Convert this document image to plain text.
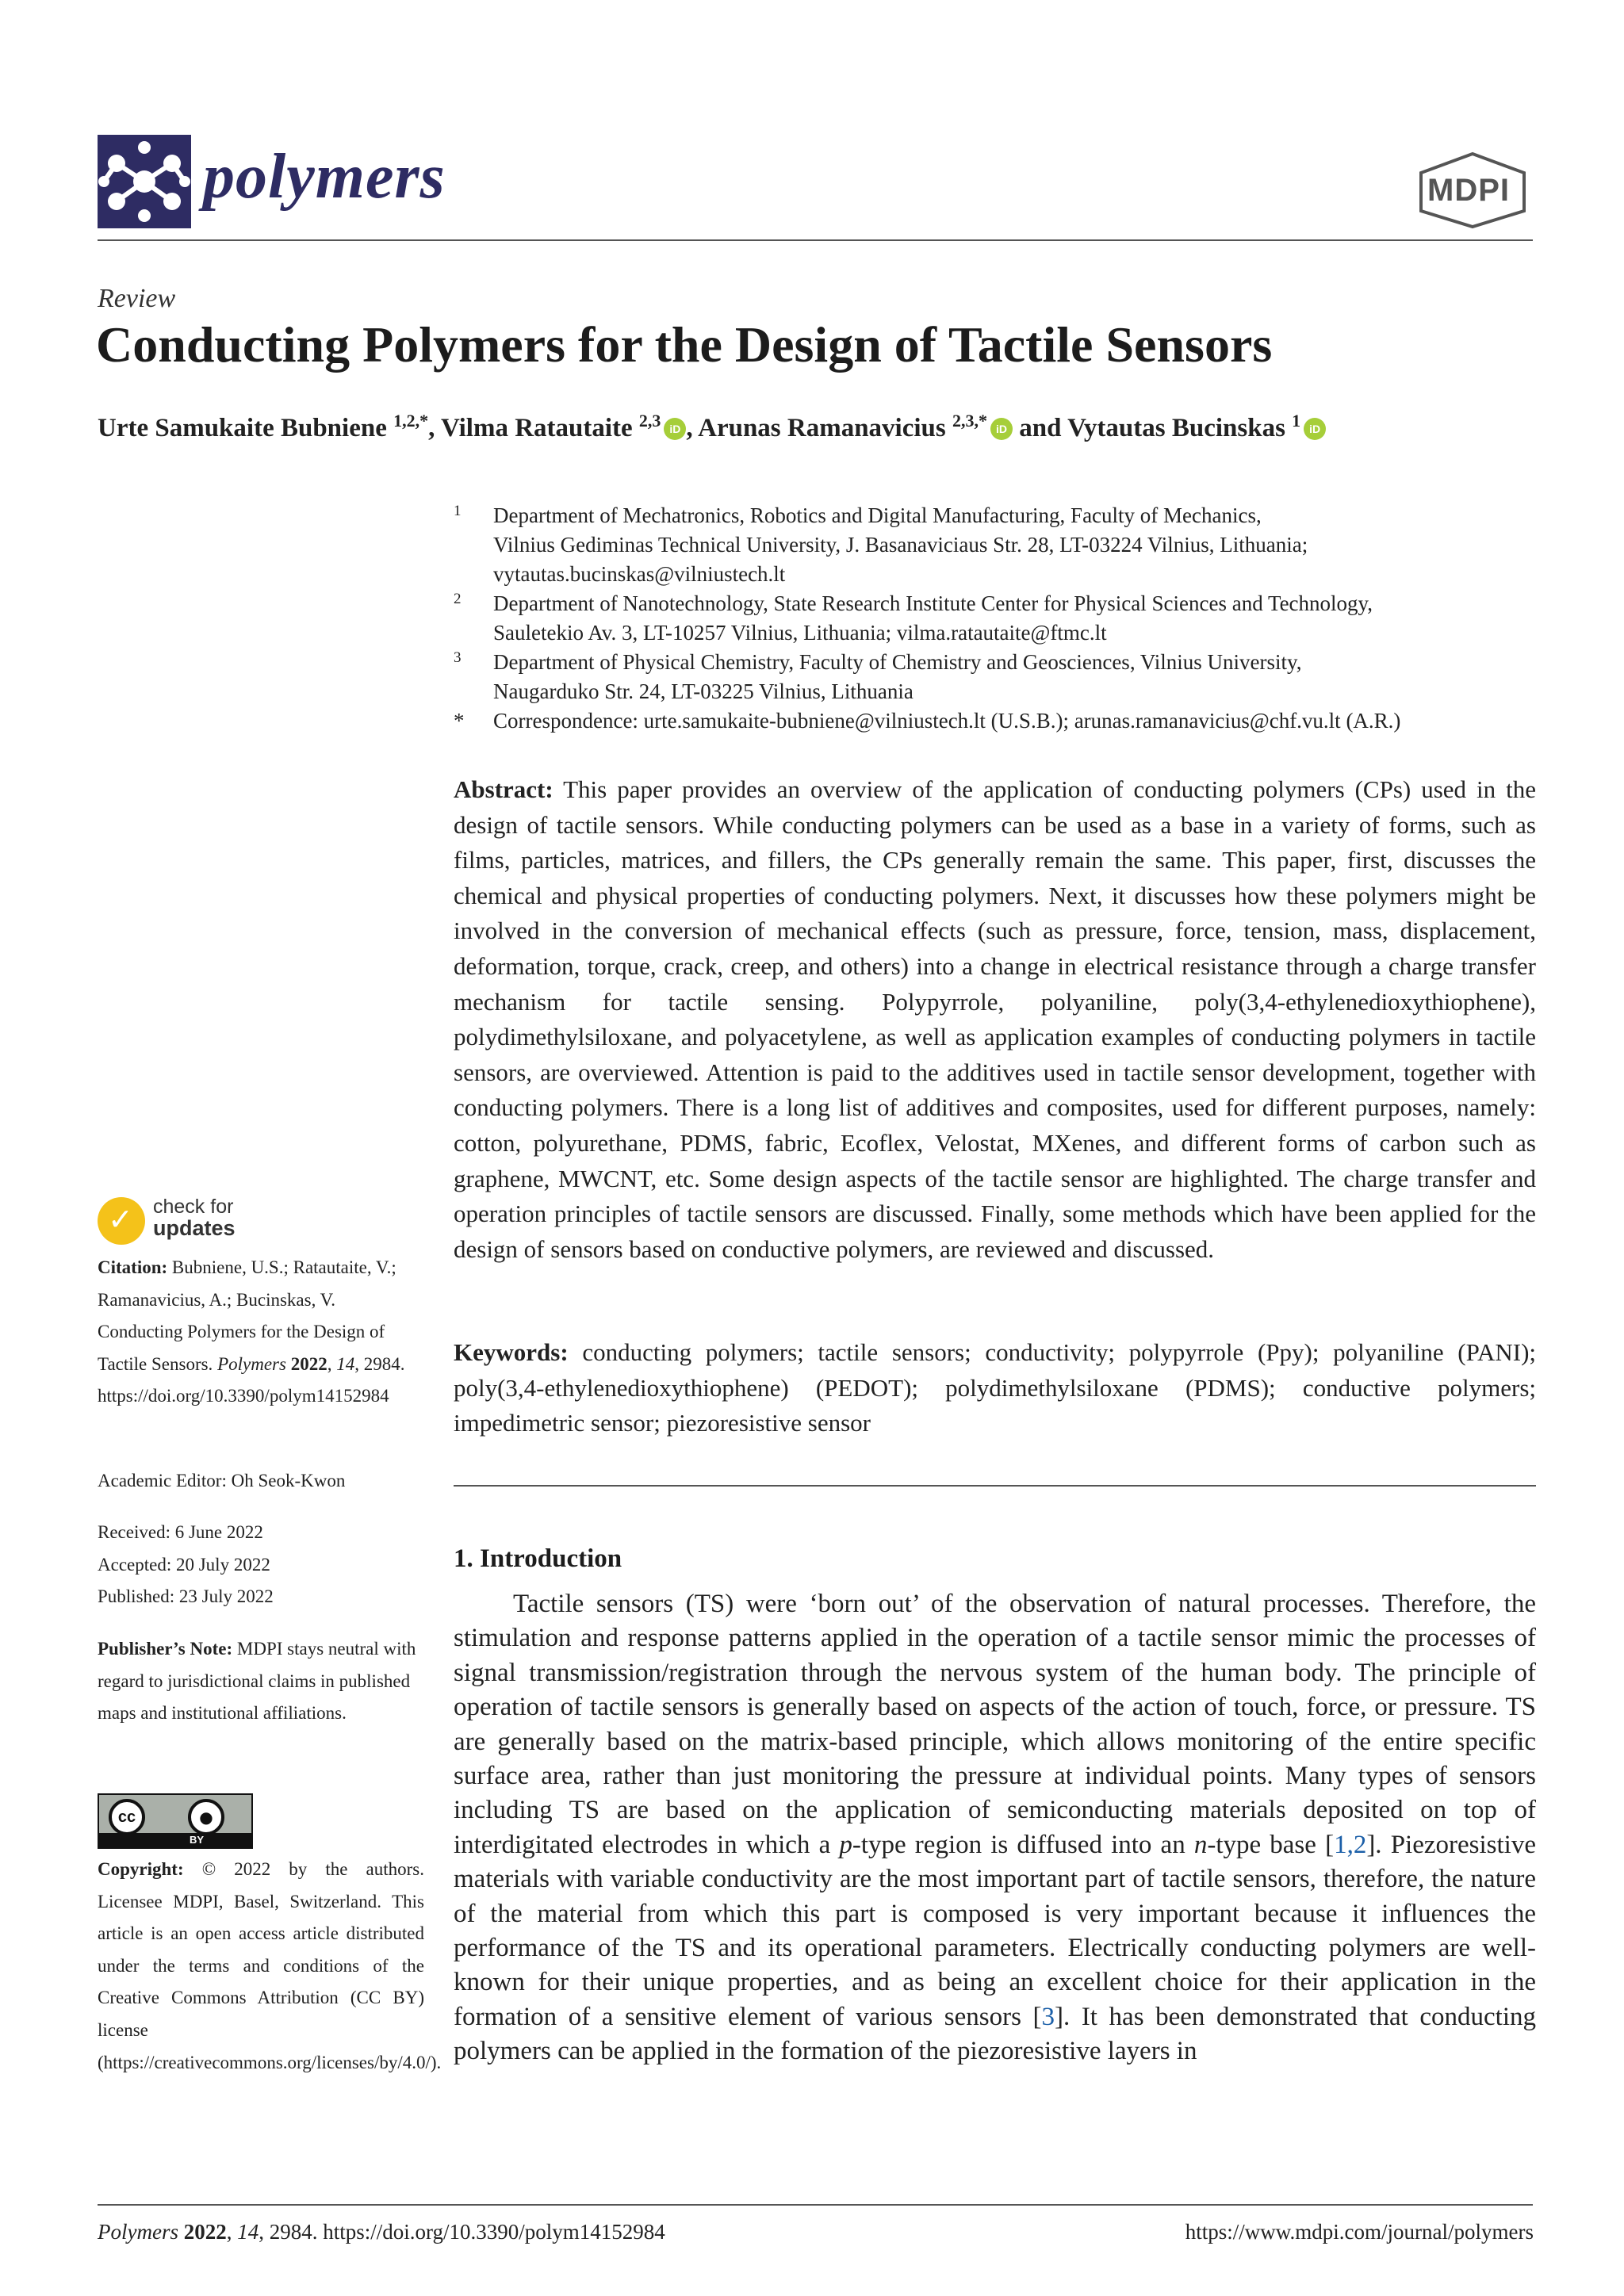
polymers	MDPI
Review
Conducting Polymers for the Design of Tactile Sensors
Urte Samukaite Bubniene $^{1,2,*}$, Vilma Ratautaite $^{2,3}$ iD , Arunas Ramanavicius $^{2,3,*}$ iD and Vytautas Bucinskas $^1$ iD
1 Department of Mechatronics, Robotics and Digital Manufacturing, Faculty of Mechanics,
Vilnius Gediminas Technical University, J. Basanaviciaus Str. 28, LT-03224 Vilnius, Lithuania;
vytautas.bucinskas@vilniustech.lt
2 Department of Nanotechnology, State Research Institute Center for Physical Sciences and Technology,
Sauletekio Av. 3, LT-10257 Vilnius, Lithuania; vilma.ratautaite@ftmc.lt
3 Department of Physical Chemistry, Faculty of Chemistry and Geosciences, Vilnius University,
Naugarduko Str. 24, LT-03225 Vilnius, Lithuania
* Correspondence: urte.samukaite-bubniene@vilniustech.lt (U.S.B.); arunas.ramanavicius@chf.vu.lt (A.R.)
Abstract: This paper provides an overview of the application of conducting polymers (CPs) used in the design of tactile sensors. While conducting polymers can be used as a base in a variety of forms, such as films, particles, matrices, and fillers, the CPs generally remain the same. This paper, first, discusses the chemical and physical properties of conducting polymers. Next, it discusses how these polymers might be involved in the conversion of mechanical effects (such as pressure, force, tension, mass, displacement, deformation, torque, crack, creep, and others) into a change in electrical resistance through a charge transfer mechanism for tactile sensing. Polypyrrole, polyaniline, poly(3,4-ethylenedioxythiophene), polydimethylsiloxane, and polyacetylene, as well as application examples of conducting polymers in tactile sensors, are overviewed. Attention is paid to the additives used in tactile sensor development, together with conducting polymers. There is a long list of additives and composites, used for different purposes, namely: cotton, polyurethane, PDMS, fabric, Ecoflex, Velostat, MXenes, and different forms of carbon such as graphene, MWCNT, etc. Some design aspects of the tactile sensor are highlighted. The charge transfer and operation principles of tactile sensors are discussed. Finally, some methods which have been applied for the design of sensors based on conductive polymers, are reviewed and discussed.
Keywords: conducting polymers; tactile sensors; conductivity; polypyrrole (Ppy); polyaniline (PANI); poly(3,4-ethylenedioxythiophene) (PEDOT); polydimethylsiloxane (PDMS); conductive polymers; impedimetric sensor; piezoresistive sensor
1. Introduction
Tactile sensors (TS) were ‘born out’ of the observation of natural processes. Therefore, the stimulation and response patterns applied in the operation of a tactile sensor mimic the processes of signal transmission/registration through the nervous system of the human body. The principle of operation of tactile sensors is generally based on aspects of the action of touch, force, or pressure. TS are generally based on the matrix-based principle, which allows monitoring of the entire specific surface area, rather than just monitoring the pressure at individual points. Many types of sensors including TS are based on the application of semiconducting materials deposited on top of interdigitated electrodes in which a p-type region is diffused into an n-type base [1,2]. Piezoresistive materials with variable conductivity are the most important part of tactile sensors, therefore, the nature of the material from which this part is composed is very important because it influences the performance of the TS and its operational parameters. Electrically conducting polymers are well-known for their unique properties, and as being an excellent choice for their application in the formation of a sensitive element of various sensors [3]. It has been demonstrated that conducting polymers can be applied in the formation of the piezoresistive layers in
✓ check for
updates
Citation: Bubniene, U.S.; Ratautaite, V.; Ramanavicius, A.; Bucinskas, V. Conducting Polymers for the Design of Tactile Sensors. Polymers 2022, 14, 2984. https://doi.org/10.3390/polym14152984
Academic Editor: Oh Seok-Kwon
Received: 6 June 2022
Accepted: 20 July 2022
Published: 23 July 2022
Publisher’s Note: MDPI stays neutral with regard to jurisdictional claims in published maps and institutional affiliations.
cc	●
BY
Copyright: © 2022 by the authors. Licensee MDPI, Basel, Switzerland. This article is an open access article distributed under the terms and conditions of the Creative Commons Attribution (CC BY) license (https://creativecommons.org/licenses/by/4.0/).
Polymers 2022, 14, 2984. https://doi.org/10.3390/polym14152984	https://www.mdpi.com/journal/polymers
